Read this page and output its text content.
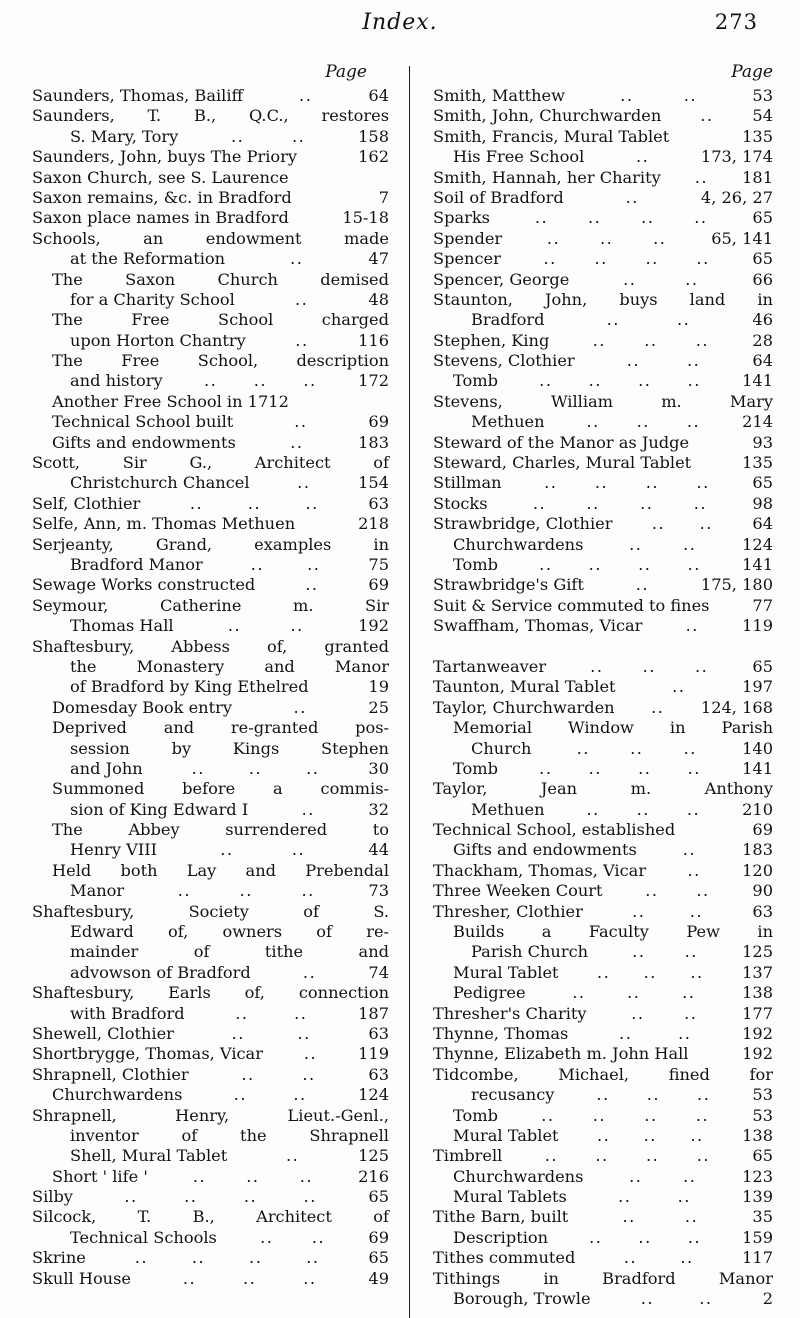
Index.	273
Page
Saunders, Thomas, Bailiff	..	64
Saunders, T. B., Q.C., restores
S. Mary, Tory	..	..	158
Saunders, John, buys The Priory	162
Saxon Church, see S. Laurence
Saxon remains, &c. in Bradford	7
Saxon place names in Bradford	15-18
Schools, an endowment made
at the Reformation	..	47
The Saxon Church demised
for a Charity School	..	48
The Free School charged
upon Horton Chantry	..	116
The Free School, description
and history	.. .. ..	172
Another Free School in 1712
Technical School built	..	69
Gifts and endowments	..	183
Scott, Sir G., Architect of
Christchurch Chancel	..	154
Self, Clothier	..	..	..	63
Selfe, Ann, m. Thomas Methuen	218
Serjeanty, Grand, examples in
Bradford Manor	..	..	75
Sewage Works constructed	..	69
Seymour, Catherine m. Sir
Thomas Hall	..	..	192
Shaftesbury, Abbess of, granted
the Monastery and Manor
of Bradford by King Ethelred	19
Domesday Book entry	..	25
Deprived and re-granted pos-
session by Kings Stephen
and John	..	..	..	30
Summoned before a commis-
sion of King Edward I	..	32
The Abbey surrendered to
Henry VIII	..	..	44
Held both Lay and Prebendal
Manor	..	..	..	73
Shaftesbury, Society of S.
Edward of, owners of re-
mainder of tithe and
advowson of Bradford	..	74
Shaftesbury, Earls of, connection
with Bradford	..	..	187
Shewell, Clothier	..	..	63
Shortbrygge, Thomas, Vicar	..	119
Shrapnell, Clothier	..	..	63
Churchwardens	..	..	124
Shrapnell, Henry, Lieut.-Genl.,
inventor of the Shrapnell
Shell, Mural Tablet	..	125
Short ' life '	.. .. ..	216
Silby	..	..	..	..	65
Silcock, T. B., Architect of
Technical Schools	.. ..	69
Skrine	..	..	..	..	65
Skull House	..	..	..	49
Page
Smith, Matthew	..	..	53
Smith, John, Churchwarden .. 54
Smith, Francis, Mural Tablet	135
His Free School	..	173, 174
Smith, Hannah, her Charity .. 181
Soil of Bradford	..	4, 26, 27
Sparks	.. .. .. ..	65
Spender	.. .. ..	65, 141
Spencer	.. .. .. ..	65
Spencer, George	..	..	66
Staunton, John, buys land in
Bradford	..	..	46
Stephen, King	.. .. ..	28
Stevens, Clothier	..	..	64
Tomb	.. .. .. ..	141
Stevens, William m. Mary
Methuen	.. .. ..	214
Steward of the Manor as Judge	93
Steward, Charles, Mural Tablet	135
Stillman	.. .. .. ..	65
Stocks	.. .. .. ..	98
Strawbridge, Clothier .. .. 64
Churchwardens	..	..	124
Tomb	.. .. .. ..	141
Strawbridge's Gift	..	175, 180
Suit & Service commuted to fines	77
Swaffham, Thomas, Vicar	..	119
Tartanweaver	.. .. ..	65
Taunton, Mural Tablet	..	197
Taylor, Churchwarden .. 124, 168
Memorial Window in Parish
Church	.. .. ..	140
Tomb	.. .. .. ..	141
Taylor, Jean m. Anthony
Methuen	.. .. ..	210
Technical School, established	69
Gifts and endowments	..	183
Thackham, Thomas, Vicar	..	120
Three Weeken Court	.. ..	90
Thresher, Clothier	..	..	63
Builds a Faculty Pew in
Parish Church	.. ..	125
Mural Tablet .. .. .. 137
Pedigree	..	..	..	138
Thresher's Charity	.. ..	177
Thynne, Thomas	..	..	192
Thynne, Elizabeth m. John Hall	192
Tidcombe, Michael, fined for
recusancy	.. .. ..	53
Tomb	.. .. .. ..	53
Mural Tablet .. .. .. 138
Timbrell	.. .. .. ..	65
Churchwardens	..	..	123
Mural Tablets	..	..	139
Tithe Barn, built	..	..	35
Description	.. .. ..	159
Tithes commuted	..	..	117
Tithings in Bradford Manor
Borough, Trowle	..	..	2
